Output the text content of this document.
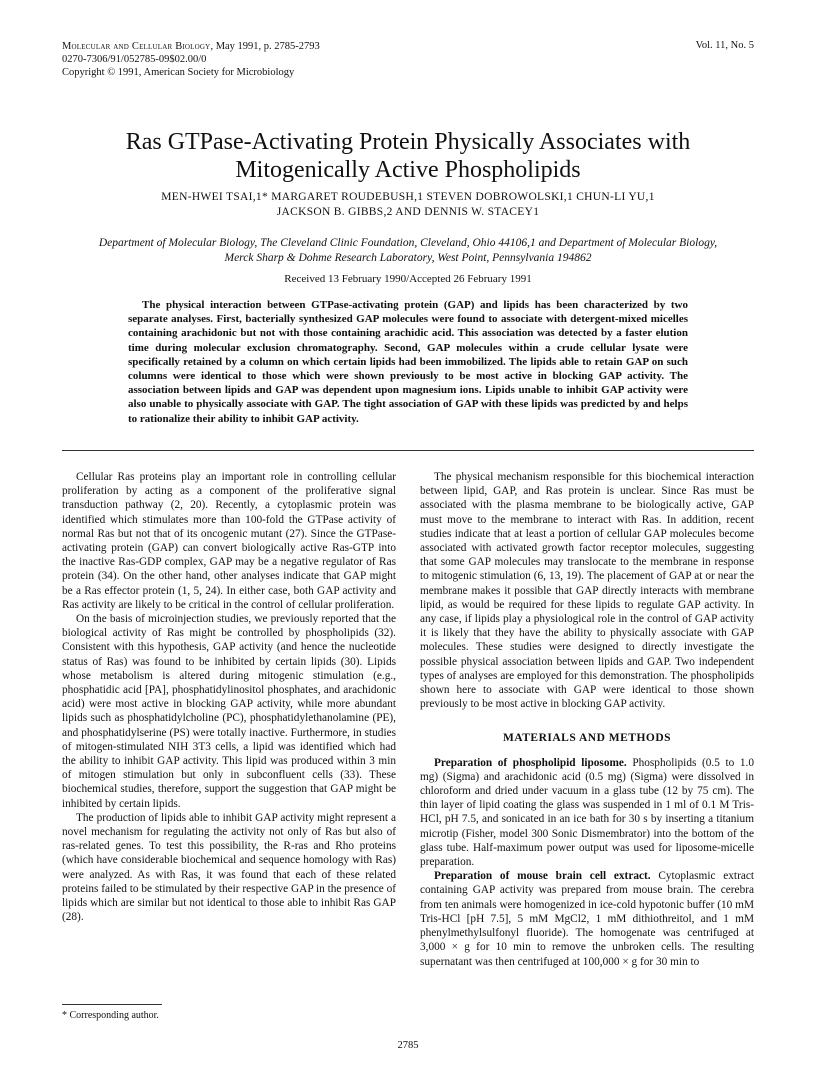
Molecular and Cellular Biology, May 1991, p. 2785-2793
0270-7306/91/052785-09$02.00/0
Copyright © 1991, American Society for Microbiology
Vol. 11, No. 5
Ras GTPase-Activating Protein Physically Associates with Mitogenically Active Phospholipids
MEN-HWEI TSAI,1* MARGARET ROUDEBUSH,1 STEVEN DOBROWOLSKI,1 CHUN-LI YU,1
JACKSON B. GIBBS,2 AND DENNIS W. STACEY1
Department of Molecular Biology, The Cleveland Clinic Foundation, Cleveland, Ohio 44106,1 and Department of Molecular Biology, Merck Sharp & Dohme Research Laboratory, West Point, Pennsylvania 194862
Received 13 February 1990/Accepted 26 February 1991

The physical interaction between GTPase-activating protein (GAP) and lipids has been characterized by two separate analyses. First, bacterially synthesized GAP molecules were found to associate with detergent-mixed micelles containing arachidonic but not with those containing arachidic acid. This association was detected by a faster elution time during molecular exclusion chromatography. Second, GAP molecules within a crude cellular lysate were specifically retained by a column on which certain lipids had been immobilized. The lipids able to retain GAP on such columns were identical to those which were shown previously to be most active in blocking GAP activity. The association between lipids and GAP was dependent upon magnesium ions. Lipids unable to inhibit GAP activity were also unable to physically associate with GAP. The tight association of GAP with these lipids was predicted by and helps to rationalize their ability to inhibit GAP activity.

Cellular Ras proteins play an important role in controlling cellular proliferation by acting as a component of the proliferative signal transduction pathway (2, 20). Recently, a cytoplasmic protein was identified which stimulates more than 100-fold the GTPase activity of normal Ras but not that of its oncogenic mutant (27). Since the GTPase-activating protein (GAP) can convert biologically active Ras-GTP into the inactive Ras-GDP complex, GAP may be a negative regulator of Ras protein (34). On the other hand, other analyses indicate that GAP might be a Ras effector protein (1, 5, 24). In either case, both GAP activity and Ras activity are likely to be critical in the control of cellular proliferation.

On the basis of microinjection studies, we previously reported that the biological activity of Ras might be controlled by phospholipids (32). Consistent with this hypothesis, GAP activity (and hence the nucleotide status of Ras) was found to be inhibited by certain lipids (30). Lipids whose metabolism is altered during mitogenic stimulation (e.g., phosphatidic acid [PA], phosphatidylinositol phosphates, and arachidonic acid) were most active in blocking GAP activity, while more abundant lipids such as phosphatidylcholine (PC), phosphatidylethanolamine (PE), and phosphatidylserine (PS) were totally inactive. Furthermore, in studies of mitogen-stimulated NIH 3T3 cells, a lipid was identified which had the ability to inhibit GAP activity. This lipid was produced within 3 min of mitogen stimulation but only in subconfluent cells (33). These biochemical studies, therefore, support the suggestion that GAP might be inhibited by certain lipids.

The production of lipids able to inhibit GAP activity might represent a novel mechanism for regulating the activity not only of Ras but also of ras-related genes. To test this possibility, the R-ras and Rho proteins (which have considerable biochemical and sequence homology with Ras) were analyzed. As with Ras, it was found that each of these related proteins failed to be stimulated by their respective GAP in the presence of lipids which are similar but not identical to those able to inhibit Ras GAP (28).

The physical mechanism responsible for this biochemical interaction between lipid, GAP, and Ras protein is unclear. Since Ras must be associated with the plasma membrane to be biologically active, GAP must move to the membrane to interact with Ras. In addition, recent studies indicate that at least a portion of cellular GAP molecules become associated with activated growth factor receptor molecules, suggesting that some GAP molecules may translocate to the membrane in response to mitogenic stimulation (6, 13, 19). The placement of GAP at or near the membrane makes it possible that GAP directly interacts with membrane lipid, as would be required for these lipids to regulate GAP activity. In any case, if lipids play a physiological role in the control of GAP activity it is likely that they have the ability to physically associate with GAP molecules. These studies were designed to directly investigate the possible physical association between lipids and GAP. Two independent types of analyses are employed for this demonstration. The phospholipids shown here to associate with GAP were identical to those shown previously to be most active in blocking GAP activity.

MATERIALS AND METHODS

Preparation of phospholipid liposome. Phospholipids (0.5 to 1.0 mg) (Sigma) and arachidonic acid (0.5 mg) (Sigma) were dissolved in chloroform and dried under vacuum in a glass tube (12 by 75 cm). The thin layer of lipid coating the glass was suspended in 1 ml of 0.1 M Tris-HCl, pH 7.5, and sonicated in an ice bath for 30 s by inserting a titanium microtip (Fisher, model 300 Sonic Dismembrator) into the bottom of the glass tube. Half-maximum power output was used for liposome-micelle preparation.

Preparation of mouse brain cell extract. Cytoplasmic extract containing GAP activity was prepared from mouse brain. The cerebra from ten animals were homogenized in ice-cold hypotonic buffer (10 mM Tris-HCl [pH 7.5], 5 mM MgCl2, 1 mM dithiothreitol, and 1 mM phenylmethylsulfonyl fluoride). The homogenate was centrifuged at 3,000 × g for 10 min to remove the unbroken cells. The resulting supernatant was then centrifuged at 100,000 × g for 30 min to

* Corresponding author.
2785
